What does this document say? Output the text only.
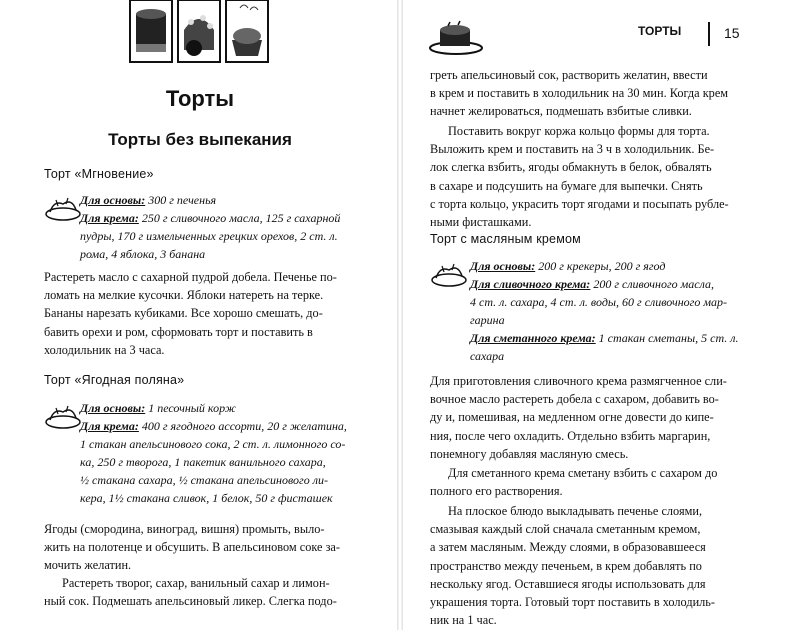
Торты
Торты без выпекания
Торт «Мгновение»
Для основы: 300 г печенья
Для крема: 250 г сливочного масла, 125 г сахарной
пудры, 170 г измельченных грецких орехов, 2 ст. л.
рома, 4 яблока, 3 банана

Растереть масло с сахарной пудрой добела. Печенье по-

ломать на мелкие кусочки. Яблоки натереть на терке.

Бананы нарезать кубиками. Все хорошо смешать, до-

бавить орехи и ром, сформовать торт и поставить в

холодильник на 3 часа.

Торт «Ягодная поляна»
Для основы: 1 песочный корж
Для крема: 400 г ягодного ассорти, 20 г желатина,
1 стакан апельсинового сока, 2 ст. л. лимонного со-
ка, 250 г творога, 1 пакетик ванильного сахара,
½ стакана сахара, ½ стакана апельсинового ли-
кера, 1½ стакана сливок, 1 белок, 50 г фисташек

Ягоды (смородина, виноград, вишня) промыть, выло-

жить на полотенце и обсушить. В апельсиновом соке за-

мочить желатин.

Растереть творог, сахар, ванильный сахар и лимон-

ный сок. Подмешать апельсиновый ликер. Слегка подо-

ТОРТЫ	15

греть апельсиновый сок, растворить желатин, ввести

в крем и поставить в холодильник на 30 мин. Когда крем

начнет желироваться, подмешать взбитые сливки.

Поставить вокруг коржа кольцо формы для торта.

Выложить крем и поставить на 3 ч в холодильник. Бе-

лок слегка взбить, ягоды обмакнуть в белок, обвалять

в сахаре и подсушить на бумаге для выпечки. Снять

с торта кольцо, украсить торт ягодами и посыпать рубле-

ными фисташками.

Торт с масляным кремом
Для основы: 200 г крекеры, 200 г ягод
Для сливочного крема: 200 г сливочного масла,
4 ст. л. сахара, 4 ст. л. воды, 60 г сливочного мар-
гарина
Для сметанного крема: 1 стакан сметаны, 5 ст. л.
сахара

Для приготовления сливочного крема размягченное сли-

вочное масло растереть добела с сахаром, добавить во-

ду и, помешивая, на медленном огне довести до кипе-

ния, после чего охладить. Отдельно взбить маргарин,

понемногу добавляя масляную смесь.

Для сметанного крема сметану взбить с сахаром до

полного его растворения.

На плоское блюдо выкладывать печенье слоями,

смазывая каждый слой сначала сметанным кремом,

а затем масляным. Между слоями, в образовавшееся

пространство между печеньем, в крем добавлять по

нескольку ягод. Оставшиеся ягоды использовать для

украшения торта. Готовый торт поставить в холодиль-

ник на 1 час.
